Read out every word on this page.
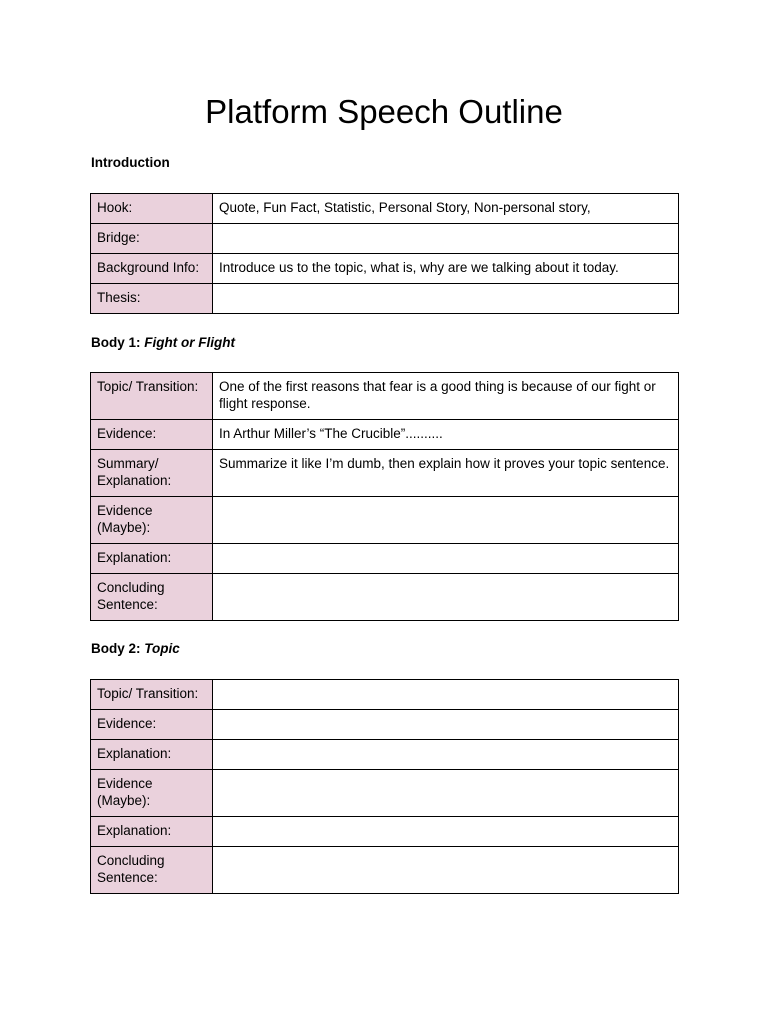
Platform Speech Outline
Introduction
Hook:	Quote, Fun Fact, Statistic, Personal Story, Non-personal story,
Bridge:	
Background Info:	Introduce us to the topic, what is, why are we talking about it today.
Thesis:	
Body 1: Fight or Flight
Topic/ Transition:	One of the first reasons that fear is a good thing is because of our fight or flight response.
Evidence:	In Arthur Miller’s “The Crucible”..........
Summary/ Explanation:	Summarize it like I’m dumb, then explain how it proves your topic sentence.
Evidence (Maybe):	
Explanation:	
Concluding Sentence:	
Body 2: Topic
Topic/ Transition:	
Evidence:	
Explanation:	
Evidence (Maybe):	
Explanation:	
Concluding Sentence:	
